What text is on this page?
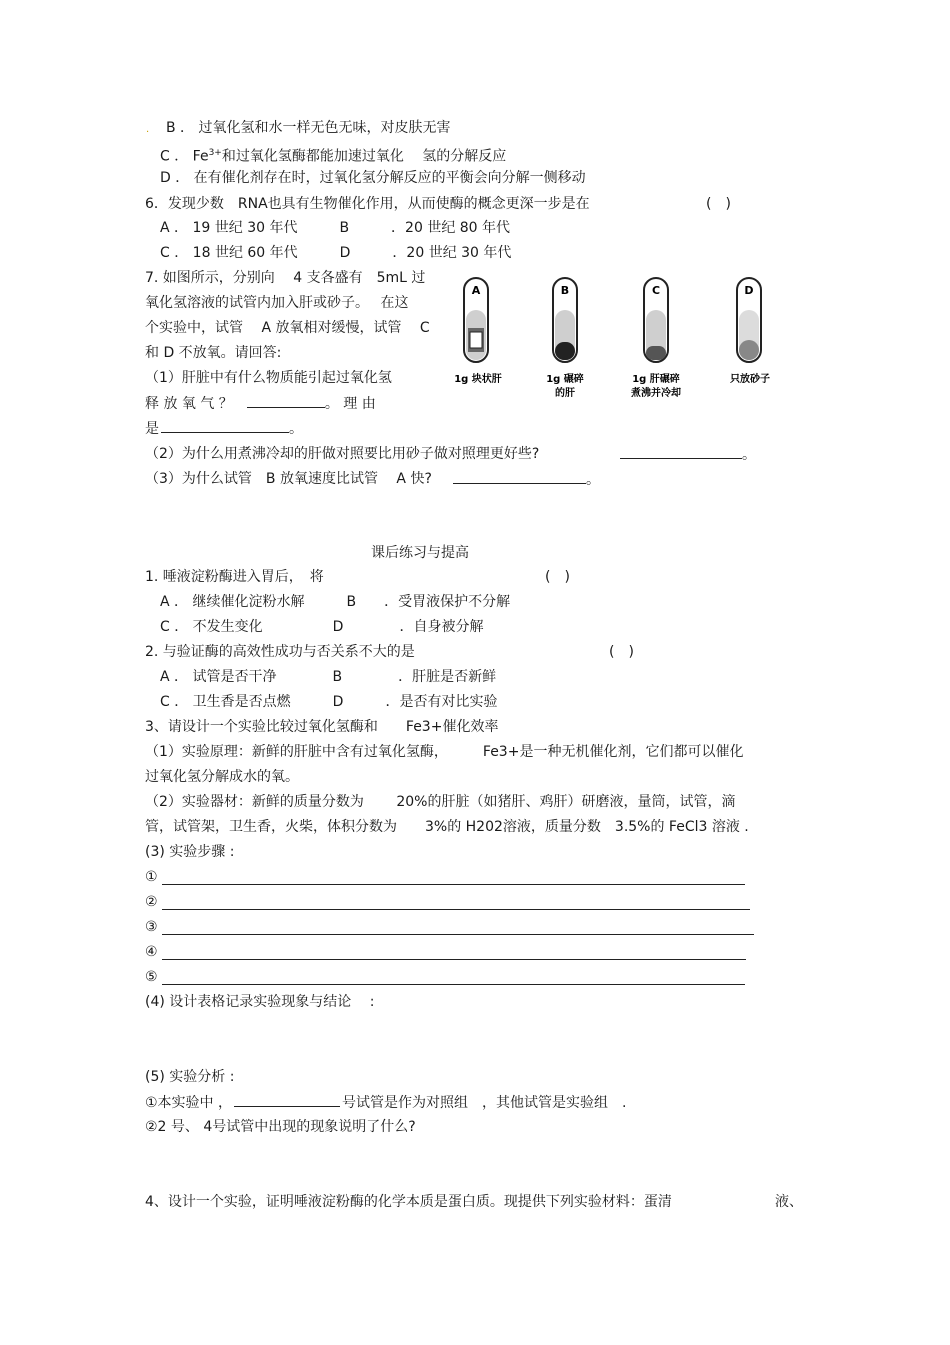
. B ． 过氧化氢和水一样无色无味，对皮肤无害
C ． $Fe^{3+}$和过氧化氢酶都能加速过氧化　 氢的分解反应
D ． 在有催化剂存在时，过氧化氢分解反应的平衡会向分解一侧移动
6．发现少数　RNA也具有生物催化作用，从而使酶的概念更深一步是在	(　)
A ． 19 世纪 30 年代　　　B　　　．20 世纪 80 年代
C ． 18 世纪 60 年代　　　D　　　．20 世纪 30 年代
7. 如图所示，分别向　 4 支各盛有　5mL 过
氧化氢溶液的试管内加入肝或砂子。　 在这
个实验中，试管　 A 放氧相对缓慢，试管　 C
和 D 不放氧。请回答:
（1）肝脏中有什么物质能引起过氧化氢
释 放 氧 气 ？　	。 理 由
是	。
（2）为什么用煮沸冷却的肝做对照要比用砂子做对照理更好些?	。
（3）为什么试管　B 放氧速度比试管　 A 快?	。
A
1g 块状肝
B
1g 碾碎
的肝
C
1g 肝碾碎
煮沸并冷却
D
只放砂子
课后练习与提高
1. 唾液淀粉酶进入胃后，　将	(　)
A ． 继续催化淀粉水解　　　B　　．受胃液保护不分解
C ． 不发生变化　　　　　D　　　　．自身被分解
2. 与验证酶的高效性成功与否关系不大的是	(　)
A ． 试管是否干净　　　　B　　　　．肝脏是否新鲜
C ． 卫生香是否点燃　　　D　　　．是否有对比实验
3、请设计一个实验比较过氧化氢酶和　　Fe3+催化效率
（1）实验原理：新鲜的肝脏中含有过氧化氢酶，　　　Fe3+是一种无机催化剂，它们都可以催化
过氧化氢分解成水的氧。
（2）实验器材：新鲜的质量分数为　　 20%的肝脏（如猪肝、鸡肝）研磨液，量筒，试管，滴
管，试管架，卫生香，火柴，体积分数为　　3%的 H202溶液，质量分数　3.5%的 FeCl3 溶液 .
(3) 实验步骤 :
①
②
③
④
⑤
(4) 设计表格记录实验现象与结论　 :
(5) 实验分析 :
①本实验中 ，	号试管是作为对照组　，其他试管是实验组　.
②2 号、 4号试管中出现的现象说明了什么?
4、设计一个实验，证明唾液淀粉酶的化学本质是蛋白质。现提供下列实验材料：蛋清	液、
